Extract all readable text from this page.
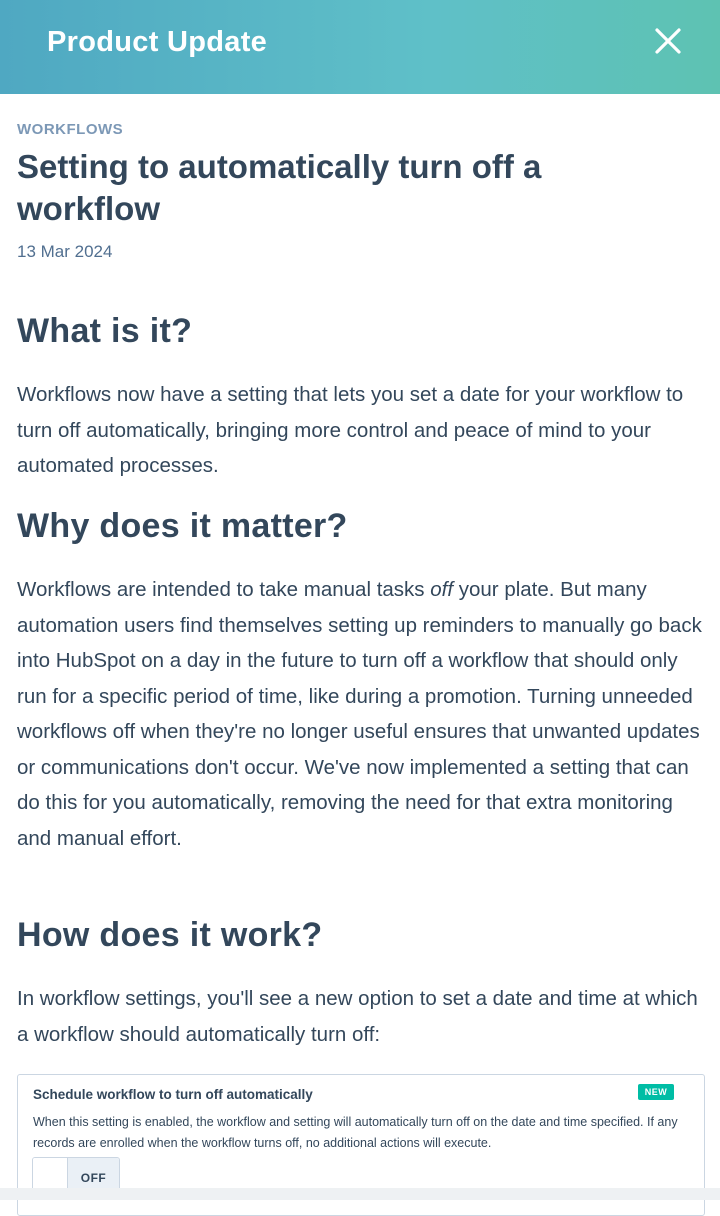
Product Update
WORKFLOWS
Setting to automatically turn off a workflow
13 Mar 2024
What is it?

Workflows now have a setting that lets you set a date for your workflow to turn off automatically, bringing more control and peace of mind to your automated processes.

Why does it matter?

Workflows are intended to take manual tasks off your plate. But many automation users find themselves setting up reminders to manually go back into HubSpot on a day in the future to turn off a workflow that should only run for a specific period of time, like during a promotion. Turning unneeded workflows off when they're no longer useful ensures that unwanted updates or communications don't occur. We've now implemented a setting that can do this for you automatically, removing the need for that extra monitoring and manual effort.

How does it work?

In workflow settings, you'll see a new option to set a date and time at which a workflow should automatically turn off:

Schedule workflow to turn off automatically	NEW
When this setting is enabled, the workflow and setting will automatically turn off on the date and time specified. If any records are enrolled when the workflow turns off, no additional actions will execute.
OFF
